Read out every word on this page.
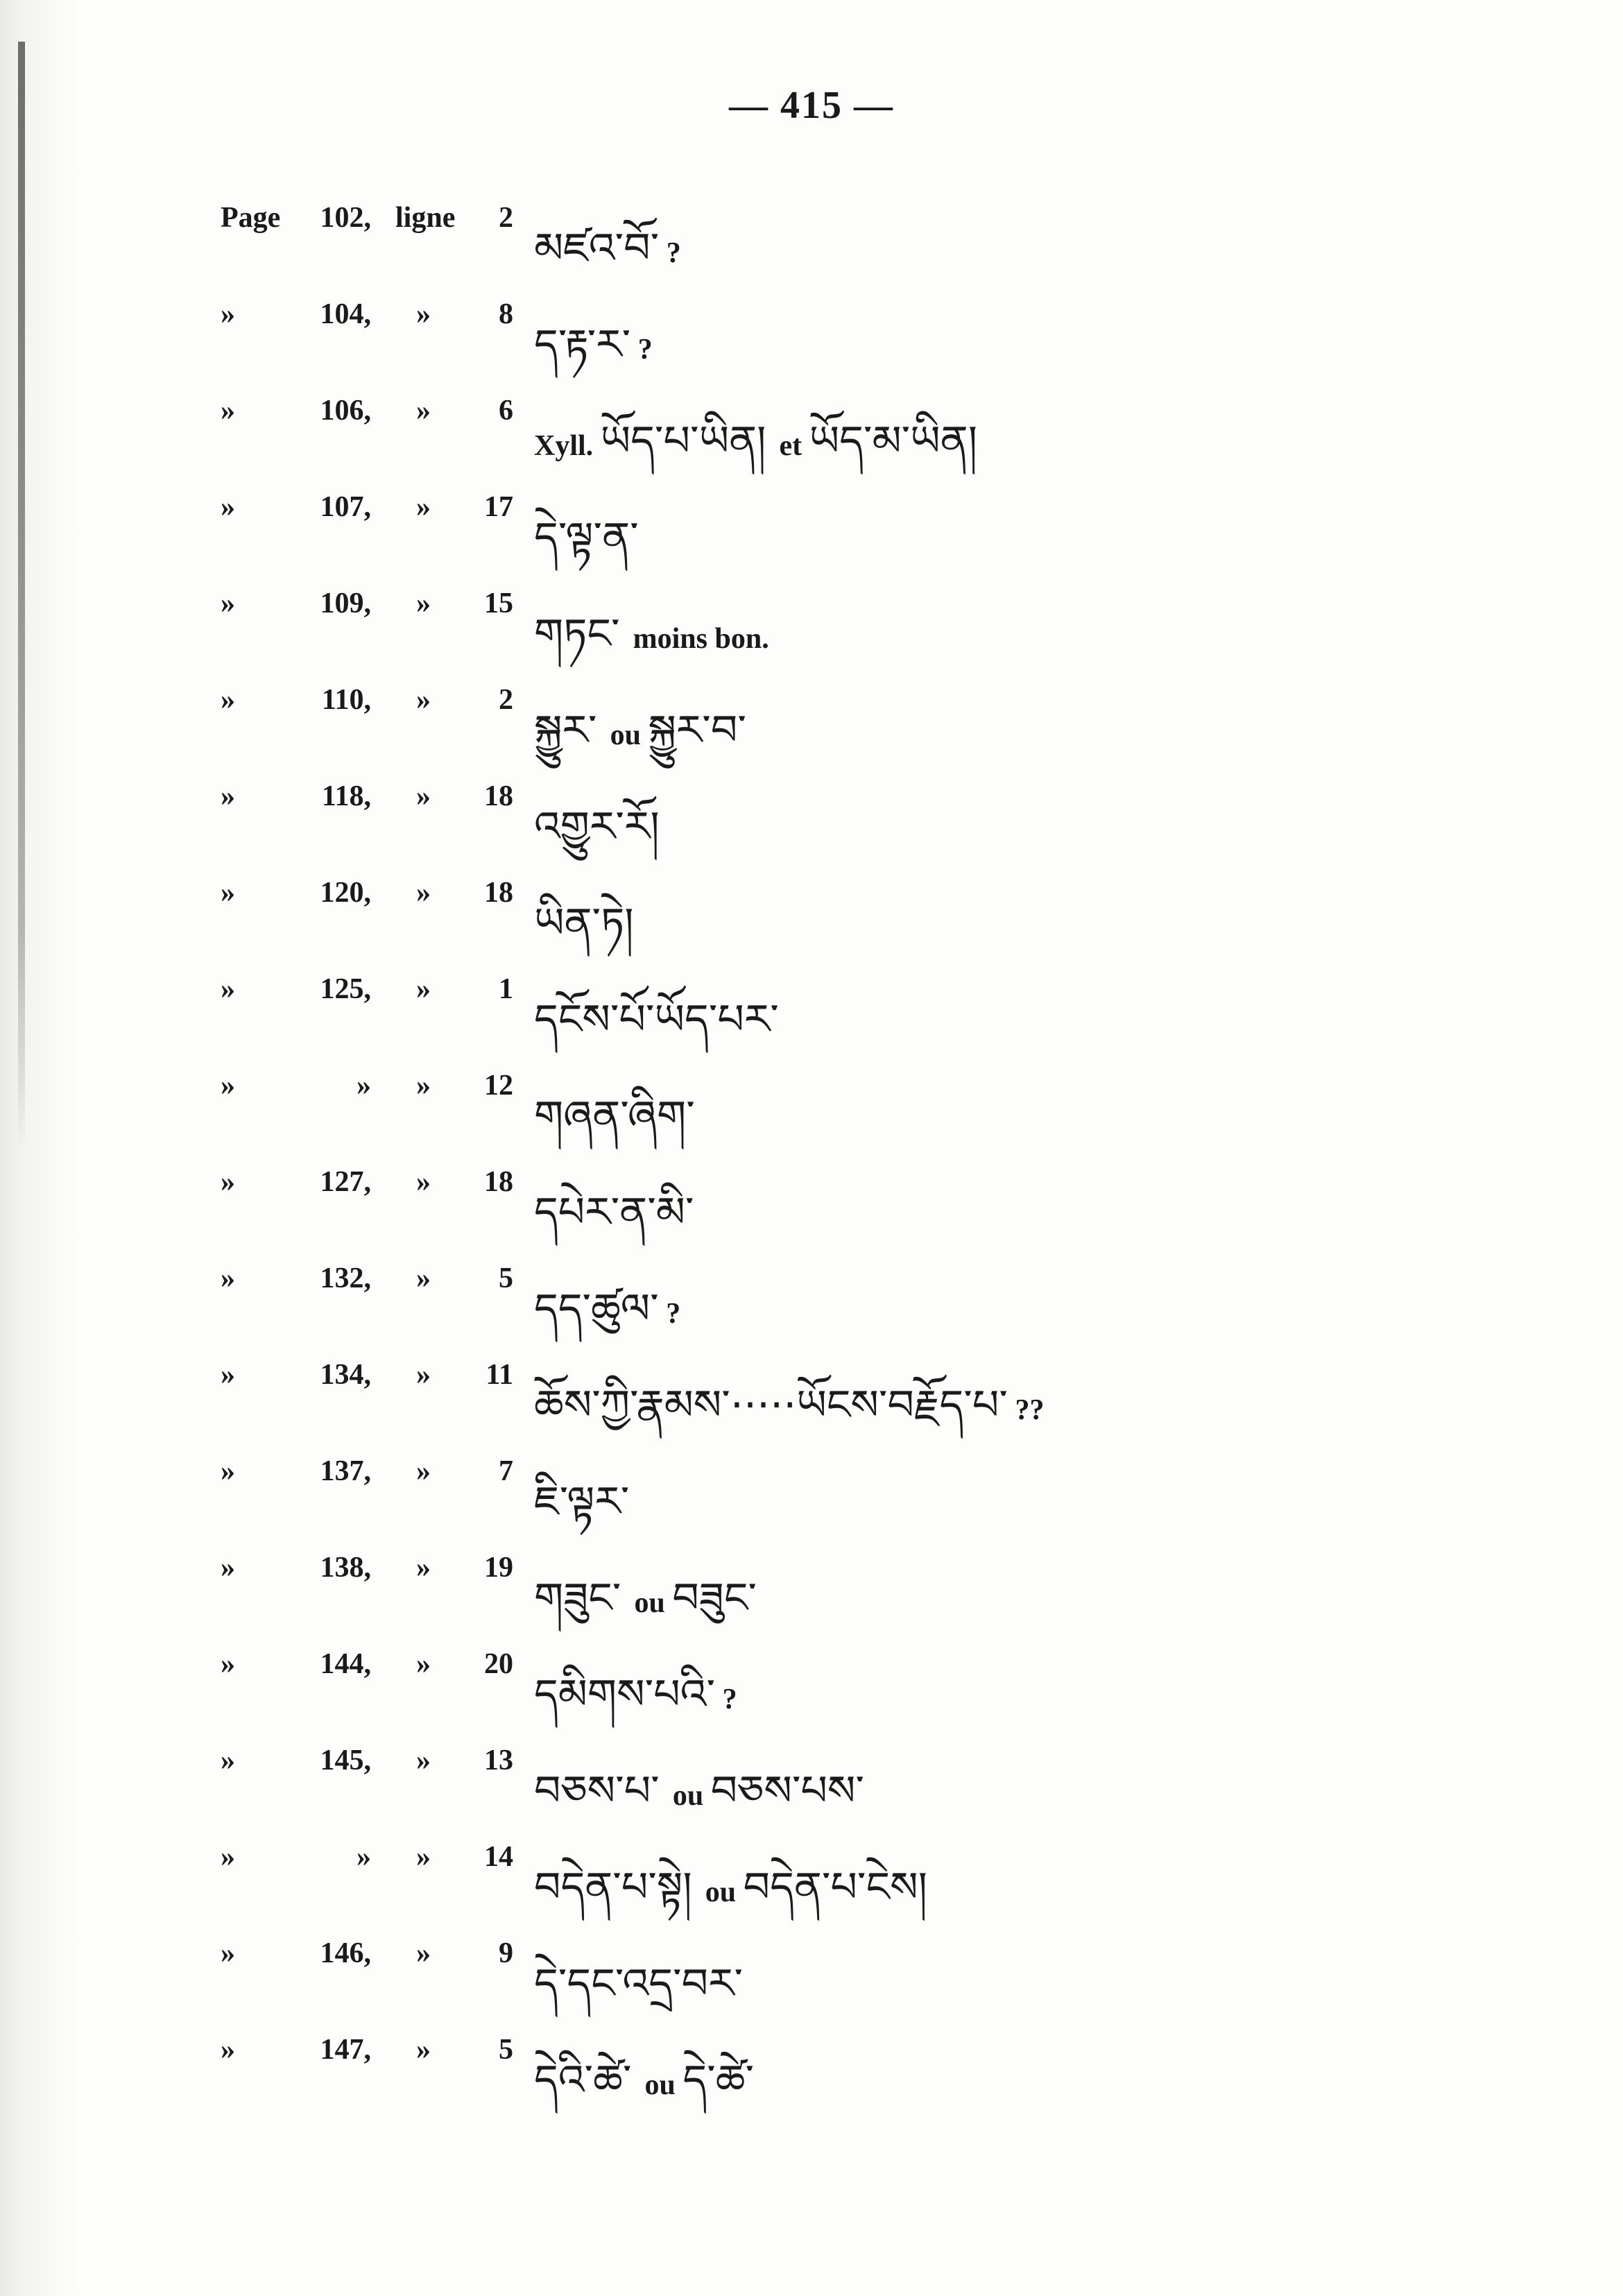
— 415 —
Page	102, ligne	2
མཛའ་བོ་ ?
»	104, »	8
ད་རྟ་ར་ ?
»	106, »	6
Xyll. ཡོད་པ་ཡིན། et ཡོད་མ་ཡིན།
»	107, »	17
དེ་ལྟ་ན་
»	109, »	15
གཏང་ moins bon.
»	110, »	2
སྐྱུར་ ou སྐྱུར་བ་
»	118, »	18
འགྱུར་རོ།
»	120, »	18
ཡིན་ཏེ།
»	125, »	1
དངོས་པོ་ཡོད་པར་
»	» »	12
གཞན་ཞིག་
»	127, »	18
དཔེར་ན་མི་
»	132, »	5
དད་ཚུལ་ ?
»	134, »	11
ཆོས་ཀྱི་རྣམས་·····ཡོངས་བརྗོད་པ་ ??
»	137, »	7
ཇི་ལྟར་
»	138, »	19
གཟུང་ ou བཟུང་
»	144, »	20
དམིགས་པའི་ ?
»	145, »	13
བཅས་པ་ ou བཅས་པས་
»	» »	14
བདེན་པ་སྟེ། ou བདེན་པ་ངེས།
»	146, »	9
དེ་དང་འདྲ་བར་
»	147, »	5
དེའི་ཚེ་ ou དེ་ཚེ་
